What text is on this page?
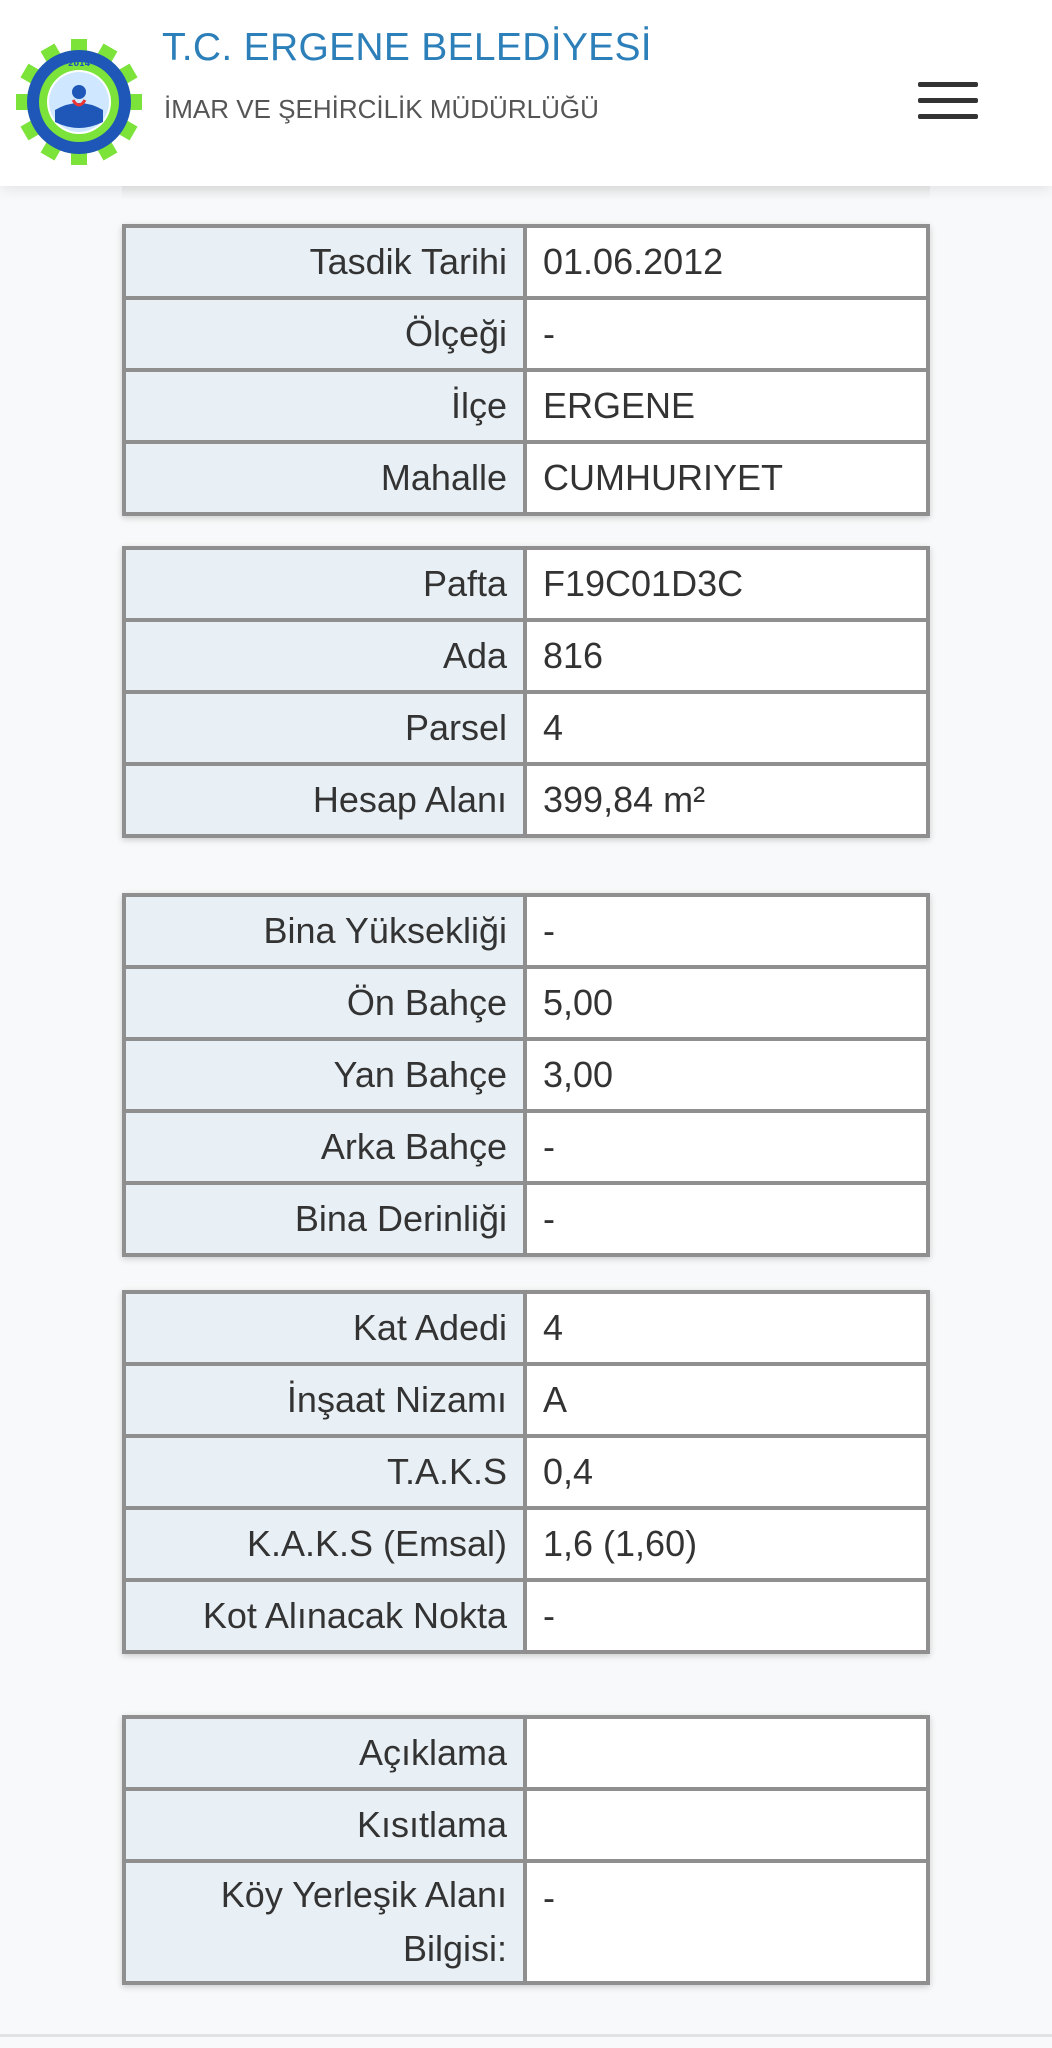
2014 T.C. ERGENE BELEDİYESİ
İMAR VE ŞEHİRCİLİK MÜDÜRLÜĞÜ
Tasdik Tarihi	01.06.2012
Ölçeği	-
İlçe	ERGENE
Mahalle	CUMHURIYET
Pafta	F19C01D3C
Ada	816
Parsel	4
Hesap Alanı	399,84 m²
Bina Yüksekliği	-
Ön Bahçe	5,00
Yan Bahçe	3,00
Arka Bahçe	-
Bina Derinliği	-
Kat Adedi	4
İnşaat Nizamı	A
T.A.K.S	0,4
K.A.K.S (Emsal)	1,6 (1,60)
Kot Alınacak Nokta	-
Açıklama	
Kısıtlama	
Köy Yerleşik Alanı Bilgisi:	-
